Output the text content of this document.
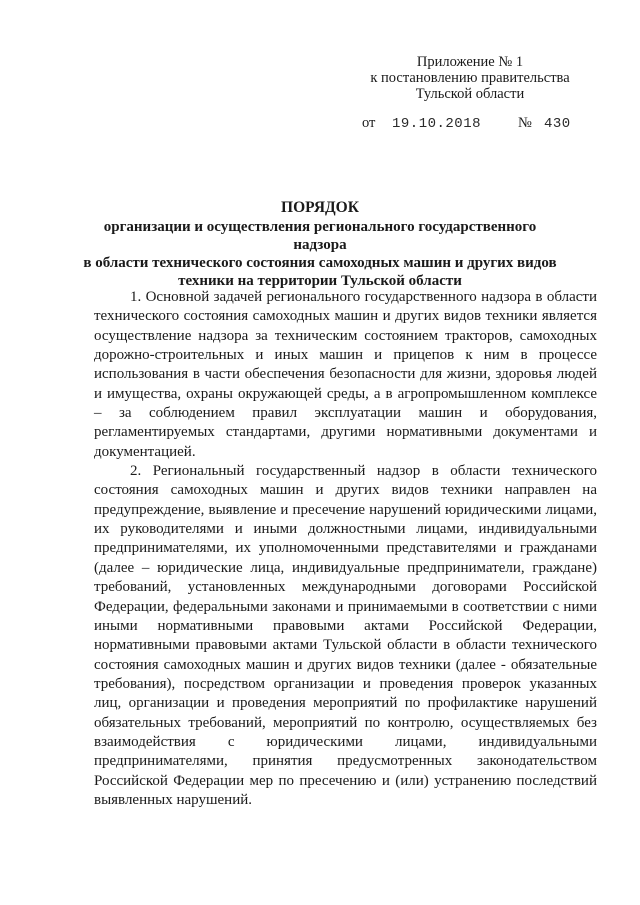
Приложение № 1
к постановлению правительства
Тульской области
от 19.10.2018	№ 430
ПОРЯДОК
организации и осуществления регионального государственного надзора
в области технического состояния самоходных машин и других видов
техники на территории Тульской области

1. Основной задачей регионального государственного надзора в области технического состояния самоходных машин и других видов техники является осуществление надзора за техническим состоянием тракторов, самоходных дорожно-строительных и иных машин и прицепов к ним в процессе использования в части обеспечения безопасности для жизни, здоровья людей и имущества, охраны окружающей среды, а в агропромышленном комплексе – за соблюдением правил эксплуатации машин и оборудования, регламентируемых стандартами, другими нормативными документами и документацией.

2. Региональный государственный надзор в области технического состояния самоходных машин и других видов техники направлен на предупреждение, выявление и пресечение нарушений юридическими лицами, их руководителями и иными должностными лицами, индивидуальными предпринимателями, их уполномоченными представителями и гражданами (далее – юридические лица, индивидуальные предприниматели, граждане) требований, установленных международными договорами Российской Федерации, федеральными законами и принимаемыми в соответствии с ними иными нормативными правовыми актами Российской Федерации, нормативными правовыми актами Тульской области в области технического состояния самоходных машин и других видов техники (далее - обязательные требования), посредством организации и проведения проверок указанных лиц, организации и проведения мероприятий по профилактике нарушений обязательных требований, мероприятий по контролю, осуществляемых без взаимодействия с юридическими лицами, индивидуальными предпринимателями, принятия предусмотренных законодательством Российской Федерации мер по пресечению и (или) устранению последствий выявленных нарушений.
